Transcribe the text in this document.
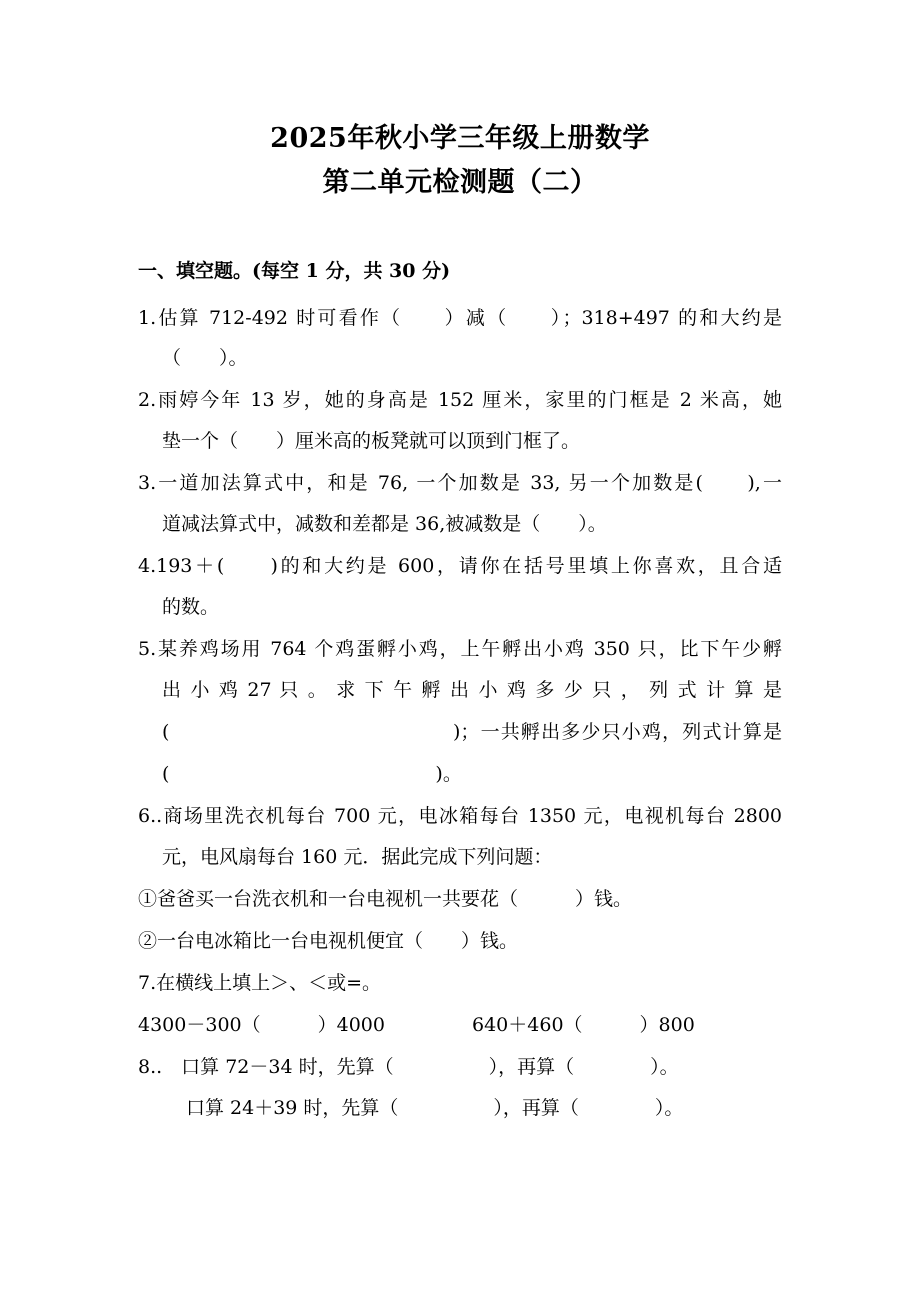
2025年秋小学三年级上册数学
第二单元检测题（二）
一、填空题。(每空 1 分，共 30 分)
1.估算 712-492 时可看作（　　）减（　　）；318+497 的和大约是
（　　）。
2.雨婷今年 13 岁，她的身高是 152 厘米，家里的门框是 2 米高，她
垫一个（　　）厘米高的板凳就可以顶到门框了。
3.一道加法算式中，和是 76, 一个加数是 33, 另一个加数是(　　),一
道减法算式中，减数和差都是 36,被减数是（　　）。
4.193＋(　　)的和大约是 600，请你在括号里填上你喜欢，且合适
的数。
5.某养鸡场用 764 个鸡蛋孵小鸡，上午孵出小鸡 350 只，比下午少孵
出 小 鸡 27 只 。 求 下 午 孵 出 小 鸡 多 少 只 ， 列 式 计 算 是
(　　　　　　　　　　　　　　)；一共孵出多少只小鸡，列式计算是
(　　　　　　　　　　　　　　)。
6..商场里洗衣机每台 700 元，电冰箱每台 1350 元，电视机每台 2800
元，电风扇每台 160 元．据此完成下列问题：
①爸爸买一台洗衣机和一台电视机一共要花（　　　）钱。
②一台电冰箱比一台电视机便宜（　　）钱。
7.在横线上填上＞、＜或=。
4300－300（　　　）4000	640＋460（　　　）800
8..　口算 72－34 时，先算（　　　　　），再算（　　　　）。
口算 24＋39 时，先算（　　　　　），再算（　　　　）。
